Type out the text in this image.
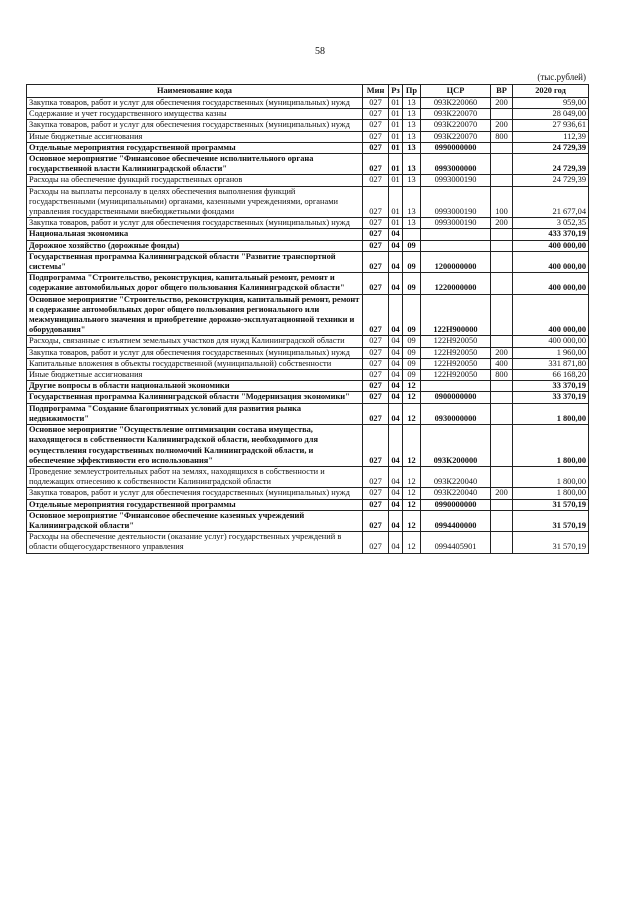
58
(тыс.рублей)
Наименование кода	Мин	Рз	Пр	ЦСР	ВР	2020 год
Закупка товаров, работ и услуг для обеспечения государственных (муниципальных) нужд	027	01	13	093К220060	200	959,00
Содержание и учет государственного имущества казны	027	01	13	093К220070		28 049,00
Закупка товаров, работ и услуг для обеспечения государственных (муниципальных) нужд	027	01	13	093К220070	200	27 936,61
Иные бюджетные ассигнования	027	01	13	093К220070	800	112,39
Отдельные мероприятия государственной программы	027	01	13	0990000000		24 729,39
Основное мероприятие "Финансовое обеспечение исполнительного органа государственной власти Калининградской области"	027	01	13	0993000000		24 729,39
Расходы на обеспечение функций государственных органов	027	01	13	0993000190		24 729,39
Расходы на выплаты персоналу в целях обеспечения выполнения функций государственными (муниципальными) органами, казенными учреждениями, органами управления государственными внебюджетными фондами	027	01	13	0993000190	100	21 677,04
Закупка товаров, работ и услуг для обеспечения государственных (муниципальных) нужд	027	01	13	0993000190	200	3 052,35
Национальная экономика	027	04				433 370,19
Дорожное хозяйство (дорожные фонды)	027	04	09			400 000,00
Государственная программа Калининградской области "Развитие транспортной системы"	027	04	09	1200000000		400 000,00
Подпрограмма "Строительство, реконструкция, капитальный ремонт, ремонт и содержание автомобильных дорог общего пользования Калининградской области"	027	04	09	1220000000		400 000,00
Основное мероприятие "Строительство, реконструкция, капитальный ремонт, ремонт и содержание автомобильных дорог общего пользования регионального или межмуниципального значения и приобретение дорожно-эксплуатационной техники и оборудования"	027	04	09	122Н900000		400 000,00
Расходы, связанные с изъятием земельных участков для нужд Калининградской области	027	04	09	122Н920050		400 000,00
Закупка товаров, работ и услуг для обеспечения государственных (муниципальных) нужд	027	04	09	122Н920050	200	1 960,00
Капитальные вложения в объекты государственной (муниципальной) собственности	027	04	09	122Н920050	400	331 871,80
Иные бюджетные ассигнования	027	04	09	122Н920050	800	66 168,20
Другие вопросы в области национальной экономики	027	04	12			33 370,19
Государственная программа Калининградской области "Модернизация экономики"	027	04	12	0900000000		33 370,19
Подпрограмма "Создание благоприятных условий для развития рынка недвижимости"	027	04	12	0930000000		1 800,00
Основное мероприятие "Осуществление оптимизации состава имущества, находящегося в собственности Калининградской области, необходимого для осуществления государственных полномочий Калининградской области, и обеспечение эффективности его использования"	027	04	12	093К200000		1 800,00
Проведение землеустроительных работ на землях, находящихся в собственности и подлежащих отнесению к собственности Калининградской области	027	04	12	093К220040		1 800,00
Закупка товаров, работ и услуг для обеспечения государственных (муниципальных) нужд	027	04	12	093К220040	200	1 800,00
Отдельные мероприятия государственной программы	027	04	12	0990000000		31 570,19
Основное мероприятие "Финансовое обеспечение казенных учреждений Калининградской области"	027	04	12	0994400000		31 570,19
Расходы на обеспечение деятельности (оказание услуг) государственных учреждений в области общегосударственного управления	027	04	12	0994405901		31 570,19
